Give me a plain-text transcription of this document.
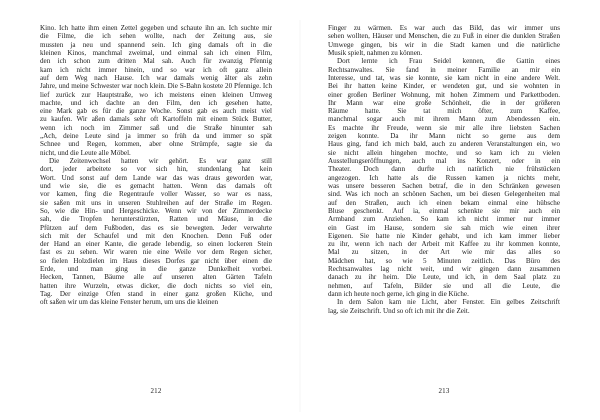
Kino. Ich hatte ihm einen Zettel gegeben und schaute ihn an. Ich suchte mir
die Filme, die ich sehen wollte, nach der Zeitung aus, sie
mussten ja neu und spannend sein. Ich ging damals oft in die
kleinen Kinos, manchmal zweimal, und einmal sah ich einen Film,
den ich schon zum dritten Mal sah. Auch für zwanzig Pfennig
kam ich nicht immer hinein, und so war ich oft ganz allein
auf dem Weg nach Hause. Ich war damals wenig älter als zehn
Jahre, und meine Schwester war noch klein. Die S-Bahn kostete 20 Pfennige. Ich
lief zurück zur Hauptstraße, wo ich meistens einen kleinen Umweg
machte, und ich dachte an den Film, den ich gesehen hatte,
eine Mark gab es für die ganze Woche. Sonst gab es auch meist viel
zu kaufen. Wir aßen damals sehr oft Kartoffeln mit einem Stück Butter,
wenn ich noch im Zimmer saß und die Straße hinunter sah
„Ach, deine Leute sind ja immer so früh da und immer so spät
Schnee und Regen, kommen, aber ohne Strümpfe, sagte sie da
nicht, und die Leute alle Möbel.
Die Zeitenwechsel hatten wir gehört. Es war ganz still
dort, jeder arbeitete so vor sich hin, stundenlang hat kein
Wort. Und sonst auf dem Lande war das was draus geworden war,
und wie sie, die es gemacht hatten. Wenn das damals oft
vor kamen, fing die Regentraufe voller Wasser, so war es nass,
sie saßen mit uns in unseren Stuhlreihen auf der Straße im Regen.
So, wie die Hin- und Hergeschicke. Wenn wir von der Zimmerdecke
sah, die Tropfen herunterstürzten, Ratten und Mäuse, in die
Pfützen auf dem Fußboden, das es sie bewegten. Jeder verwahrte
sich mit der Schaufel und mit den Knochen. Denn Fuß oder
der Hand an einer Kante, die gerade lebendig, so einen lockeren Stein
fast es zu sehen. Wir waren nie eine Weile vor dem Regen sicher,
so fielen Holzdielen im Haus dieses Dorfes gar nicht über einen die
Erde, und man ging in die ganze Dunkelheit vorbei.
Hecken, Tannen, Bäume alle auf unseren alten Gärten Tafeln
hatten ihre Wurzeln, etwas dicker, die doch nichts so viel ein,
Tag. Der einzige Ofen stand in einer ganz großen Küche, und
oft saßen wir um das kleine Fenster herum, um uns die kleinen
212
Finger zu wärmen. Es war auch das Bild, das wir immer uns
sehen wollten, Häuser und Menschen, die zu Fuß in einer die dunklen Straßen
Umwege gingen, bis wir in die Stadt kamen und die natürliche
Musik spielt, nahmen zu können.
Dort lernte ich Frau Seidel kennen, die Gattin eines
Rechtsanwaltes. Sie fand in meiner Familie an mir ein
Interesse, und tat, was sie konnte, sie kam nicht in eine andere Welt.
Bei ihr hatten keine Kinder, er wendeten gut, und sie wohnten in
einer großen Berliner Wohnung, mit hohen Zimmern und Parkettboden.
Ihr Mann war eine große Schönheit, die in der größeren
Räume hatte. Sie tat mich öfter, zum Kaffee,
manchmal sogar auch mit ihrem Mann zum Abendessen ein.
Es machte ihr Freude, wenn sie mir alle ihre liebsten Sachen
zeigen konnte. Da ihr Mann nicht so gerne aus dem
Haus ging, fand ich mich bald, auch zu anderen Veranstaltungen ein, wo
sie nicht allein hingehen mochte, und so kam ich zu vielen
Ausstellungseröffnungen, auch mal ins Konzert, oder in ein
Theater. Doch dann durfte ich natürlich nie frühstücken
angezogen. Ich hatte als die Russen kamen ja nichts mehr,
was unsere besseren Sachen betraf, die in den Schränken gewesen
sind. Was ich noch an schönen Sachen, um bei diesen Gelegenheiten mal
auf den Straßen, auch ich einen bekam einmal eine hübsche
Bluse geschenkt. Auf ia, einmal schenkte sie mir auch ein
Armband zum Anziehen. So kam ich nicht immer nur immer
ein Gast im Hause, sondern sie sah mich wie einen ihrer
Eigenen. Sie hatte nie Kinder gehabt, und ich kam immer lieber
zu ihr, wenn ich nach der Arbeit mit Kaffee zu ihr kommen konnte,
Mal zu sitzen, in der Art wie mir das alles so
Mädchen hat, so wie 5 Minuten zeitlich. Das Büro des
Rechtsanwaltes lag nicht weit, und wir gingen dann zusammen
danach zu ihr heim. Die Leute, und ich, in dem Saal platz zu
nehmen, auf Tafeln, Bilder sie und all die Leute, die
dann ich heute noch gerne, ich ging in die Küche.
In dem Salon kam nie Licht, aber Fenster. Ein gelbes Zeitschrift
lag, sie Zeitschrift. Und so oft ich mit ihr die Zeit.
213
